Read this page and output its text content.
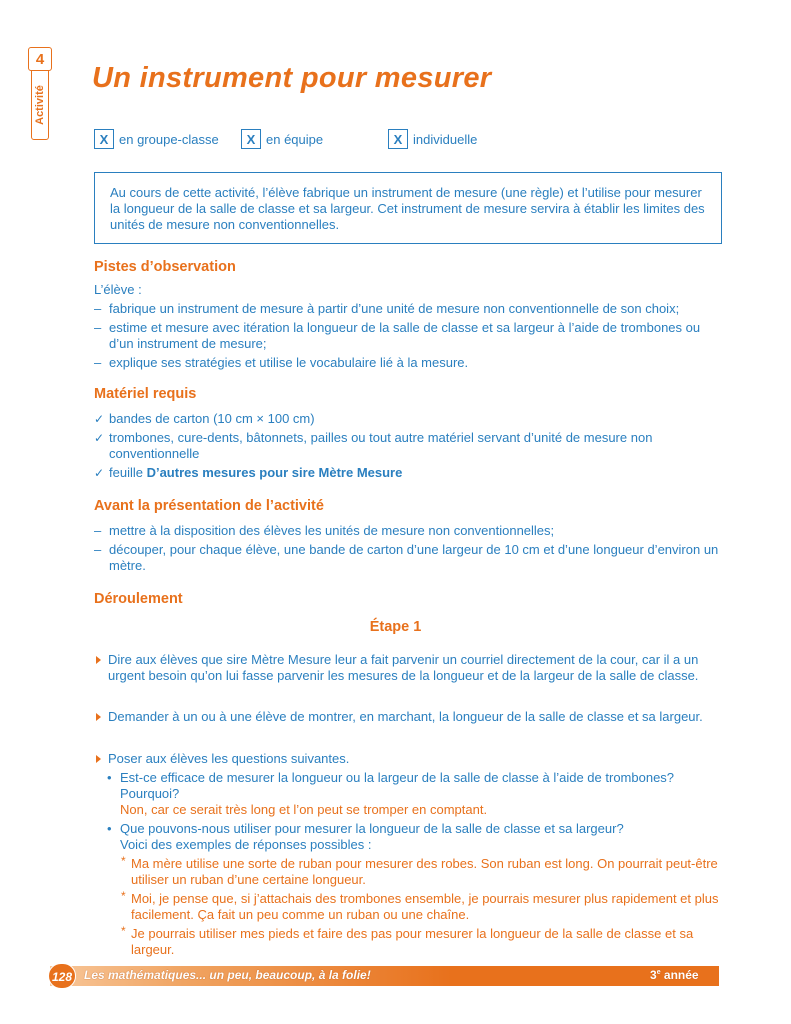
4
Activité
Un instrument pour mesurer
X en groupe-classe	X en équipe	X individuelle
Au cours de cette activité, l’élève fabrique un instrument de mesure (une règle) et l’utilise pour mesurer la longueur de la salle de classe et sa largeur. Cet instrument de mesure servira à établir les limites des unités de mesure non conventionnelles.
Pistes d’observation
L’élève :
– fabrique un instrument de mesure à partir d’une unité de mesure non conventionnelle de son choix;
– estime et mesure avec itération la longueur de la salle de classe et sa largeur à l’aide de trombones ou d’un instrument de mesure;
– explique ses stratégies et utilise le vocabulaire lié à la mesure.
Matériel requis
✓ bandes de carton (10 cm × 100 cm)
✓ trombones, cure-dents, bâtonnets, pailles ou tout autre matériel servant d’unité de mesure non conventionnelle
✓ feuille D’autres mesures pour sire Mètre Mesure
Avant la présentation de l’activité
– mettre à la disposition des élèves les unités de mesure non conventionnelles;
– découper, pour chaque élève, une bande de carton d’une largeur de 10 cm et d’une longueur d’environ un mètre.
Déroulement
Étape 1
Dire aux élèves que sire Mètre Mesure leur a fait parvenir un courriel directement de la cour, car il a un urgent besoin qu’on lui fasse parvenir les mesures de la longueur et de la largeur de la salle de classe.
Demander à un ou à une élève de montrer, en marchant, la longueur de la salle de classe et sa largeur.
Poser aux élèves les questions suivantes.
• Est-ce efficace de mesurer la longueur ou la largeur de la salle de classe à l’aide de trombones? Pourquoi?
Non, car ce serait très long et l’on peut se tromper en comptant.
• Que pouvons-nous utiliser pour mesurer la longueur de la salle de classe et sa largeur?
Voici des exemples de réponses possibles :
* Ma mère utilise une sorte de ruban pour mesurer des robes. Son ruban est long. On pourrait peut-être utiliser un ruban d’une certaine longueur.
* Moi, je pense que, si j’attachais des trombones ensemble, je pourrais mesurer plus rapidement et plus facilement. Ça fait un peu comme un ruban ou une chaîne.
* Je pourrais utiliser mes pieds et faire des pas pour mesurer la longueur de la salle de classe et sa largeur.
128 Les mathématiques... un peu, beaucoup, à la folie!	3e année
